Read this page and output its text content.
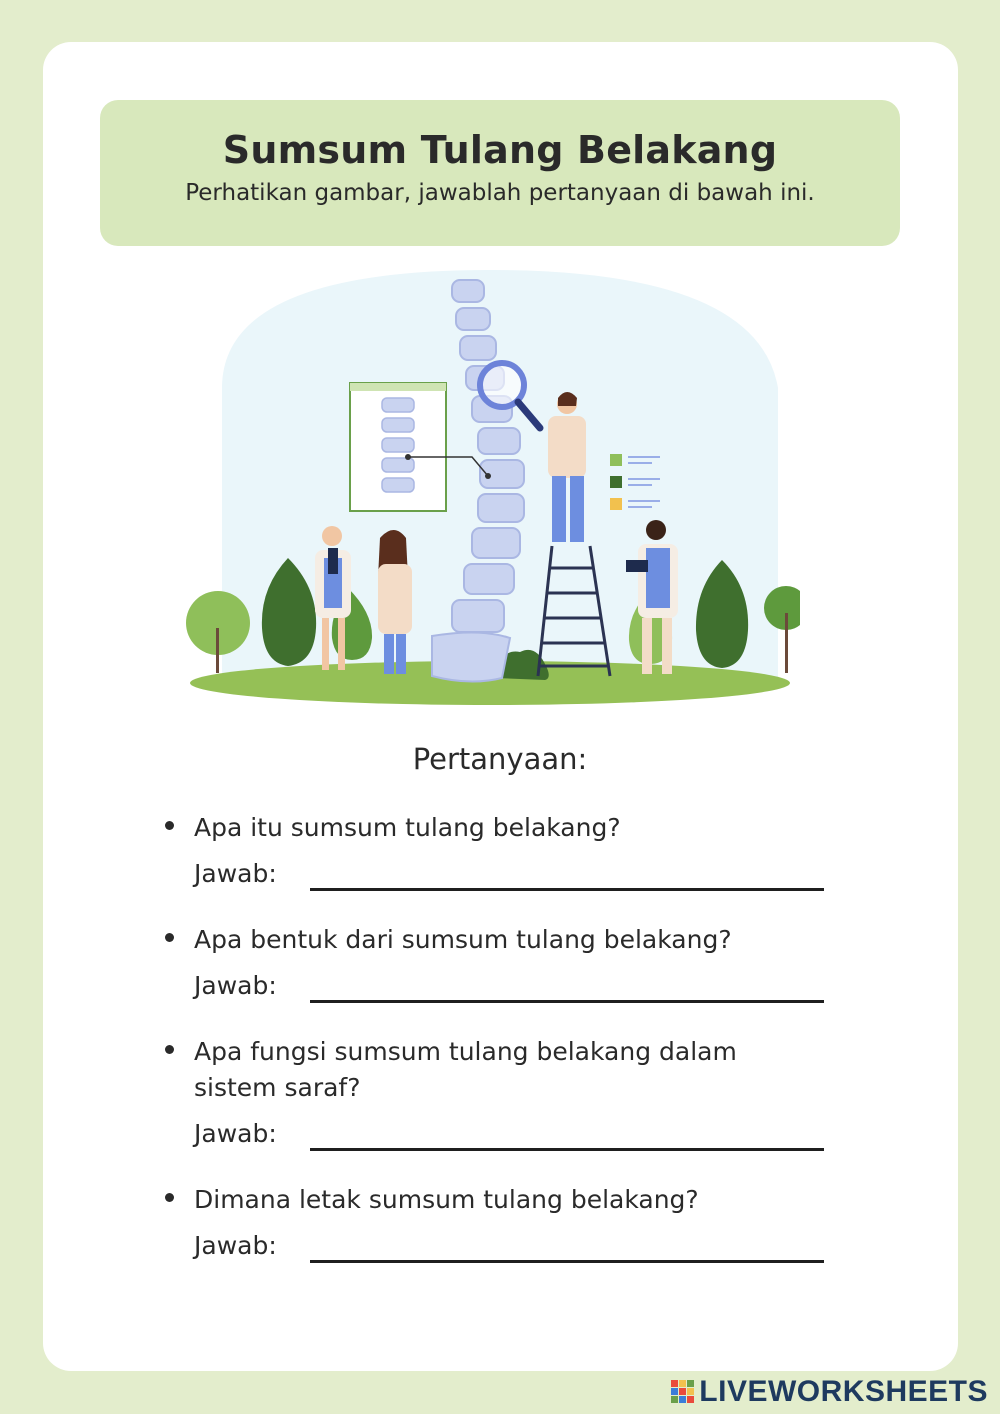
Sumsum Tulang Belakang

Perhatikan gambar, jawablah pertanyaan di bawah ini.

Pertanyaan:
Apa itu sumsum tulang belakang?
Jawab:
Apa bentuk dari sumsum tulang belakang?
Jawab:
Apa fungsi sumsum tulang belakang dalam sistem saraf?
Jawab:
Dimana letak sumsum tulang belakang?
Jawab:
LIVEWORKSHEETS
